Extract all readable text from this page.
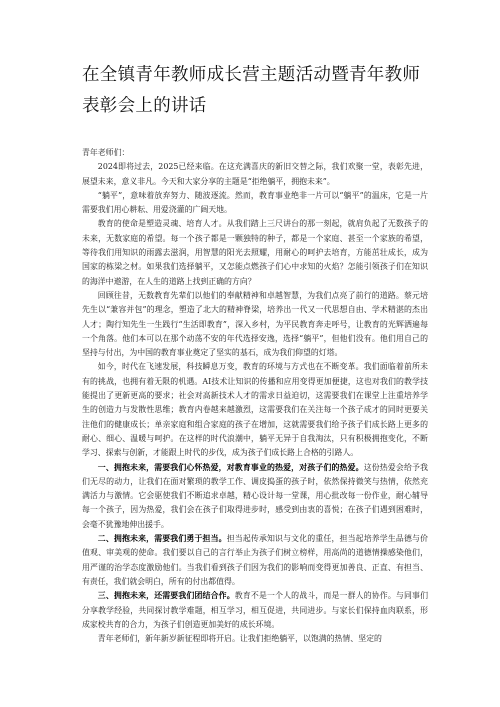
在全镇青年教师成长营主题活动暨青年教师表彰会上的讲话

青年老师们：

2024即将过去，2025已经来临。在这充满喜庆的新旧交替之际，我们欢聚一堂，表彰先进，展望未来，意义非凡。今天和大家分享的主题是“拒绝躺平，拥抱未来”。

“躺平”，意味着放弃努力、随波逐流。然而，教育事业绝非一片可以“躺平”的温床，它是一片需要我们用心耕耘、用爱浇灌的广阔天地。

教育的使命是塑造灵魂、培育人才。从我们踏上三尺讲台的那一刻起，就肩负起了无数孩子的未来，无数家庭的希望。每一个孩子都是一颗独特的种子，都是一个家庭、甚至一个家族的希望，等待我们用知识的雨露去滋润，用智慧的阳光去照耀，用耐心的呵护去培育，方能茁壮成长，成为国家的栋梁之材。如果我们选择躺平，又怎能点燃孩子们心中求知的火焰？怎能引领孩子们在知识的海洋中遨游，在人生的道路上找到正确的方向？

回顾往昔，无数教育先辈们以他们的奉献精神和卓越智慧，为我们点亮了前行的道路。蔡元培先生以“兼容并包”的理念，塑造了北大的精神脊梁，培养出一代又一代思想自由、学术精湛的杰出人才；陶行知先生一生践行“生活即教育”，深入乡村，为平民教育奔走呼号，让教育的光辉洒遍每一个角落。他们本可以在那个动荡不安的年代选择安逸，选择“躺平”，但他们没有。他们用自己的坚持与付出，为中国的教育事业奠定了坚实的基石，成为我们仰望的灯塔。

如今，时代在飞速发展，科技瞬息万变，教育的环境与方式也在不断变革。我们面临着前所未有的挑战，也拥有着无限的机遇。AI技术让知识的传播和应用变得更加便捷，这也对我们的教学技能提出了更新更高的要求；社会对高新技术人才的需求日益迫切，这需要我们在课堂上注重培养学生的创造力与发散性思维；教育内卷越来越激烈，这需要我们在关注每一个孩子成才的同时更要关注他们的健康成长；单亲家庭和组合家庭的孩子在增加，这就需要我们给予孩子们成长路上更多的耐心、细心、温暖与呵护。在这样的时代浪潮中，躺平无异于自我淘汰，只有积极拥抱变化，不断学习、探索与创新，才能跟上时代的步伐，成为孩子们成长路上合格的引路人。

一、拥抱未来，需要我们心怀热爱，对教育事业的热爱，对孩子们的热爱。这份热爱会给予我们无尽的动力，让我们在面对繁琐的教学工作、调皮捣蛋的孩子时，依然保持微笑与热情，依然充满活力与激情。它会驱使我们不断追求卓越，精心设计每一堂课，用心批改每一份作业，耐心辅导每一个孩子，因为热爱，我们会在孩子们取得进步时，感受到由衷的喜悦；在孩子们遇到困难时，会毫不犹豫地伸出援手。

二、拥抱未来，需要我们勇于担当。担当起传承知识与文化的重任，担当起培养学生品德与价值观、审美观的使命。我们要以自己的言行举止为孩子们树立榜样，用高尚的道德情操感染他们，用严谨的治学态度激励他们。当我们看到孩子们因为我们的影响而变得更加善良、正直、有担当、有责任，我们就会明白，所有的付出都值得。

三、拥抱未来，还需要我们团结合作。教育不是一个人的战斗，而是一群人的协作。与同事们分享教学经验，共同探讨教学难题，相互学习，相互促进，共同进步。与家长们保持血肉联系，形成家校共育的合力，为孩子们创造更加美好的成长环境。

青年老师们，新年新岁新征程即将开启。让我们拒绝躺平，以饱满的热情、坚定的
